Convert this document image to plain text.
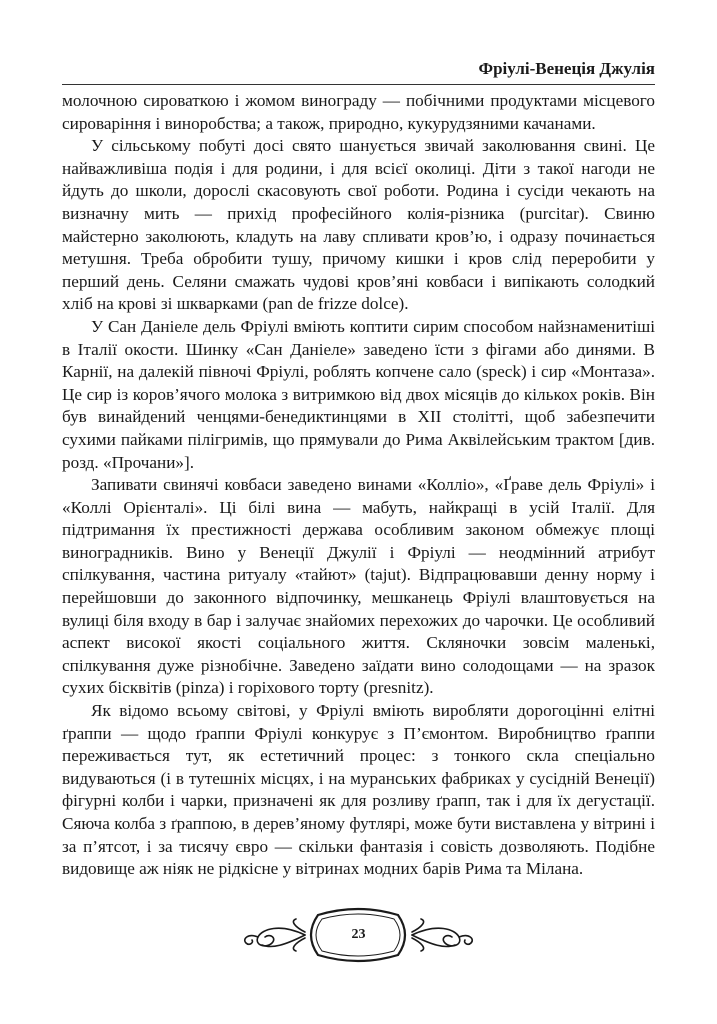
Фріулі-Венеція Джулія

молочною сироваткою і жомом винограду — побічними продуктами місцевого сироваріння і виноробства; а також, природно, кукурудзяними качанами.

У сільському побуті досі свято шанується звичай заколювання свині. Це найважливіша подія і для родини, і для всієї околиці. Діти з такої нагоди не йдуть до школи, дорослі скасовують свої роботи. Родина і сусіди чекають на визначну мить — прихід професійного колія-різника (purcitar). Свиню майстерно заколюють, кладуть на лаву спливати кров’ю, і одразу починається метушня. Треба обробити тушу, причому кишки і кров слід переробити у перший день. Селяни смажать чудові кров’яні ковбаси і випікають солодкий хліб на крові зі шкварками (pan de frizze dolce).

У Сан Даніеле дель Фріулі вміють коптити сирим способом найзнаменитіші в Італії окости. Шинку «Сан Даніеле» заведено їсти з фігами або динями. В Карнії, на далекій півночі Фріулі, роблять копчене сало (speck) і сир «Монтаза». Це сир із коров’ячого молока з витримкою від двох місяців до кількох років. Він був винайдений ченцями-бенедиктинцями в XII столітті, щоб забезпечити сухими пайками пілігримів, що прямували до Рима Аквілейським трактом [див. розд. «Прочани»].

Запивати свинячі ковбаси заведено винами «Колліо», «Ґраве дель Фріулі» і «Коллі Орієнталі». Ці білі вина — мабуть, найкращі в усій Італії. Для підтримання їх престижності держава особливим законом обмежує площі виноградників. Вино у Венеції Джулії і Фріулі — неодмінний атрибут спілкування, частина ритуалу «тайют» (tajut). Відпрацювавши денну норму і перейшовши до законного відпочинку, мешканець Фріулі влаштовується на вулиці біля входу в бар і залучає знайомих перехожих до чарочки. Це особливий аспект високої якості соціального життя. Скляночки зовсім маленькі, спілкування дуже різнобічне. Заведено заїдати вино солодощами — на зразок сухих бісквітів (pinza) і горіхового торту (presnitz).

Як відомо всьому світові, у Фріулі вміють виробляти дорогоцінні елітні ґраппи — щодо ґраппи Фріулі конкурує з П’ємонтом. Виробництво ґраппи переживається тут, як естетичний процес: з тонкого скла спеціально видуваються (і в тутешніх місцях, і на муранських фабриках у сусідній Венеції) фігурні колби і чарки, призначені як для розливу ґрапп, так і для їх дегустації. Сяюча колба з ґраппою, в дерев’яному футлярі, може бути виставлена у вітрині і за п’ятсот, і за тисячу євро — скільки фантазія і совість дозволяють. Подібне видовище аж ніяк не рідкісне у вітринах модних барів Рима та Мілана.

23
